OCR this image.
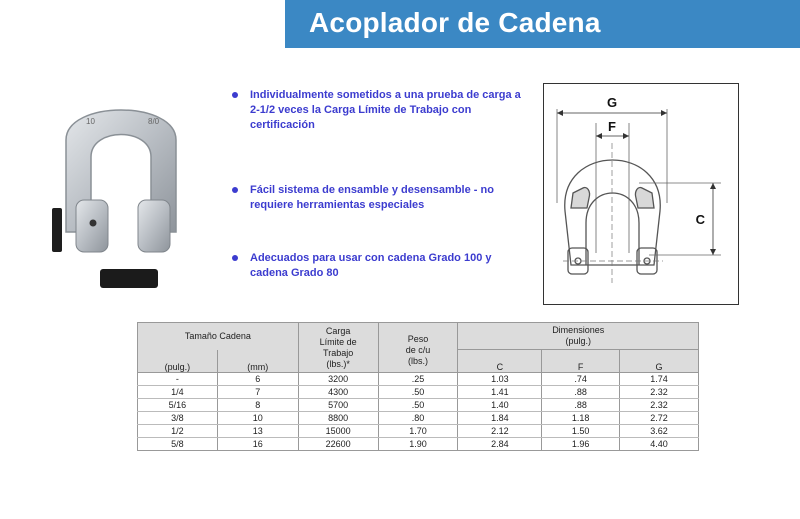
Acoplador de Cadena
10	8/0
Individualmente sometidos a una prueba de carga a 2-1/2 veces la Carga Límite de Trabajo con certificación
Fácil sistema de ensamble y desensamble - no requiere herramientas especiales
Adecuados para usar con cadena Grado 100 y cadena Grado 80
G
F
C
Tamaño Cadena		Carga
Límite de
Trabajo
(lbs.)*	Peso
de c/u
(lbs.)	Dimensiones
(pulg.)		
(pulg.)	(mm)			C	F	G
-	6	3200	.25	1.03	.74	1.74
1/4	7	4300	.50	1.41	.88	2.32
5/16	8	5700	.50	1.40	.88	2.32
3/8	10	8800	.80	1.84	1.18	2.72
1/2	13	15000	1.70	2.12	1.50	3.62
5/8	16	22600	1.90	2.84	1.96	4.40
